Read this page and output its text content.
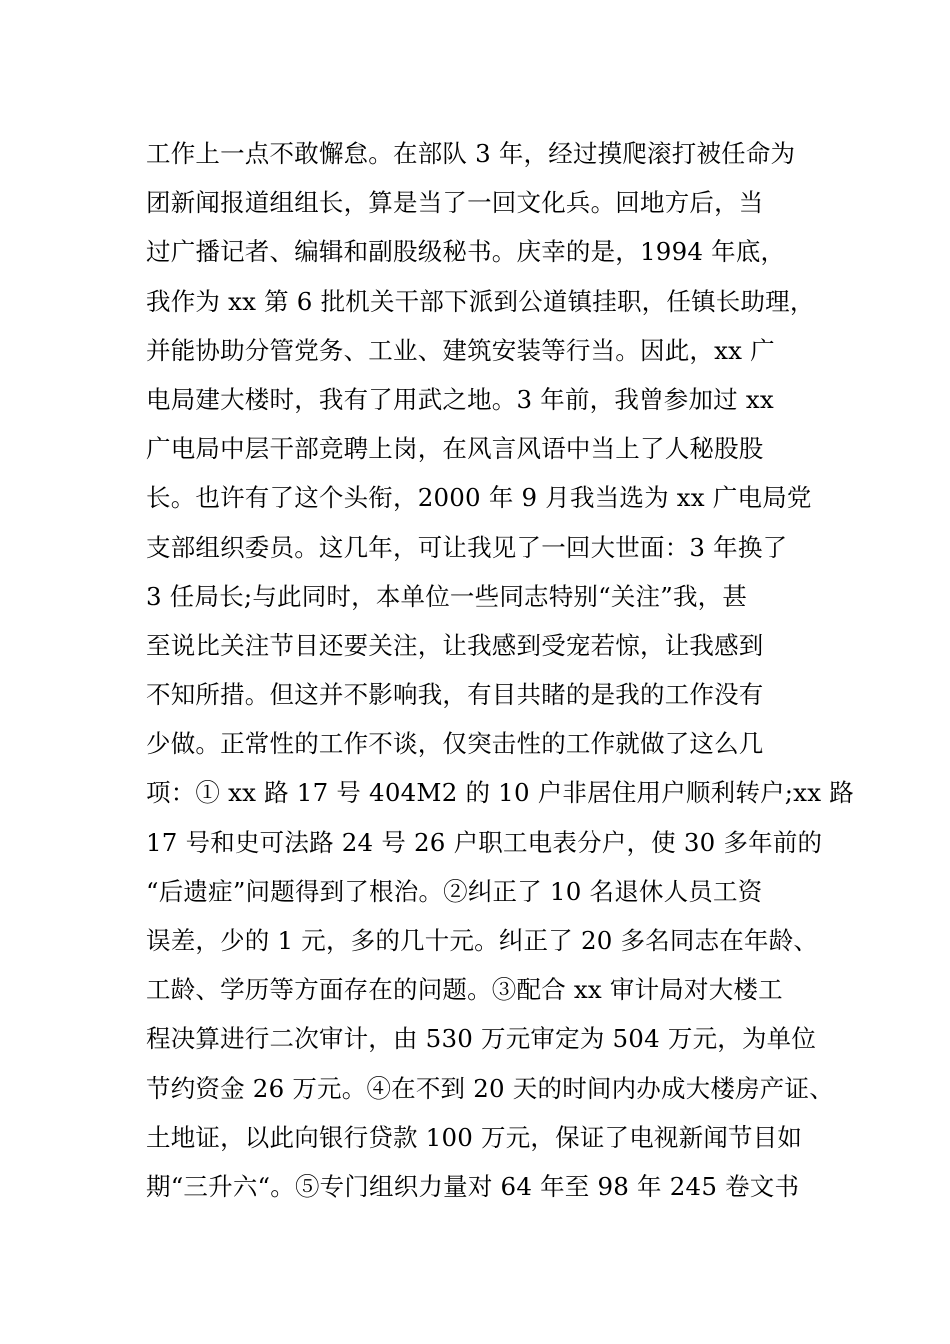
工作上一点不敢懈怠。在部队 3 年，经过摸爬滚打被任命为
团新闻报道组组长，算是当了一回文化兵。回地方后，当
过广播记者、编辑和副股级秘书。庆幸的是，1994 年底，
我作为 xx 第 6 批机关干部下派到公道镇挂职，任镇长助理，
并能协助分管党务、工业、建筑安装等行当。因此，xx 广
电局建大楼时，我有了用武之地。3 年前，我曾参加过 xx
广电局中层干部竞聘上岗，在风言风语中当上了人秘股股
长。也许有了这个头衔，2000 年 9 月我当选为 xx 广电局党
支部组织委员。这几年，可让我见了一回大世面：3 年换了
3 任局长;与此同时，本单位一些同志特别“关注”我，甚
至说比关注节目还要关注，让我感到受宠若惊，让我感到
不知所措。但这并不影响我，有目共睹的是我的工作没有
少做。正常性的工作不谈，仅突击性的工作就做了这么几
项：① xx 路 17 号 404M2 的 10 户非居住用户顺利转户;xx 路
17 号和史可法路 24 号 26 户职工电表分户，使 30 多年前的
“后遗症”问题得到了根治。②纠正了 10 名退休人员工资
误差，少的 1 元，多的几十元。纠正了 20 多名同志在年龄、
工龄、学历等方面存在的问题。③配合 xx 审计局对大楼工
程决算进行二次审计，由 530 万元审定为 504 万元，为单位
节约资金 26 万元。④在不到 20 天的时间内办成大楼房产证、
土地证，以此向银行贷款 100 万元，保证了电视新闻节目如
期“三升六“。⑤专门组织力量对 64 年至 98 年 245 卷文书
